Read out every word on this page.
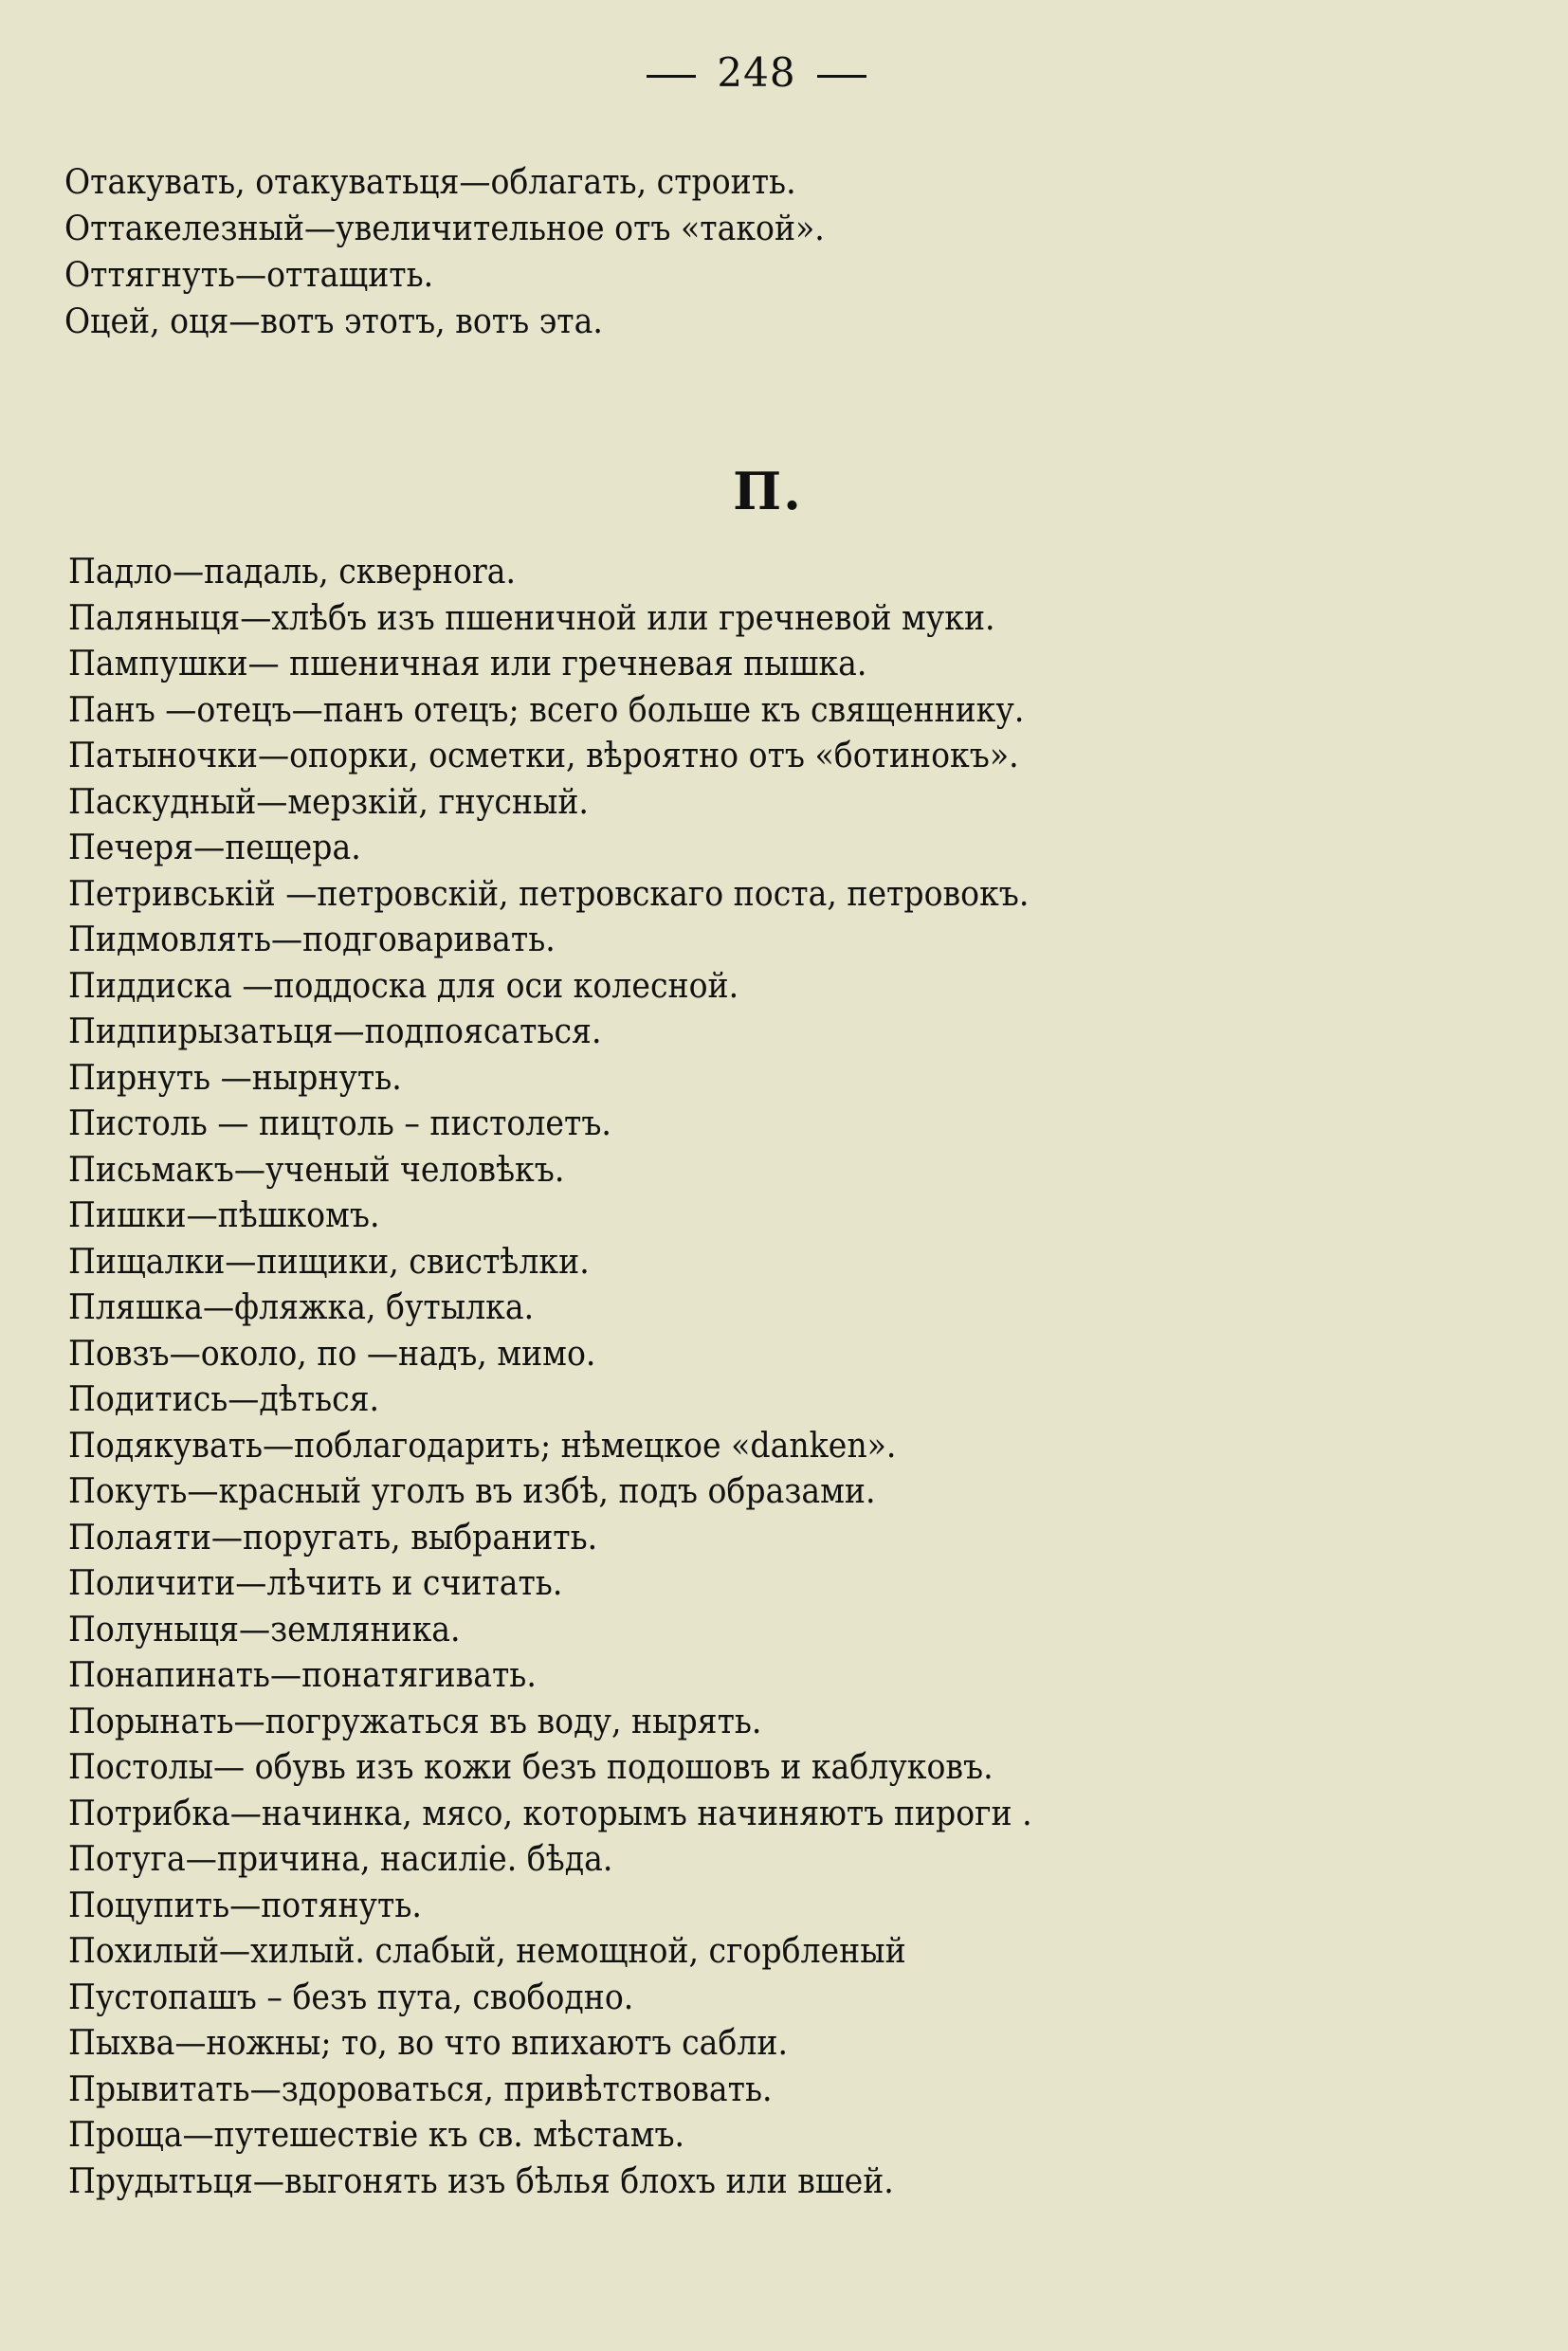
248
Отакувать, отакуватьця—облагать, строить.
Оттакелезный—увеличительное отъ «такой».
Оттягнуть—оттащить.
Оцей, оця—вотъ этотъ, вотъ эта.
П.
Падло—падаль, скверноrа.
Паляныця—хлѣбъ изъ пшеничной или гречневой муки.
Пампушки— пшеничная или гречневая пышка.
Панъ —отецъ—панъ отецъ; всего больше къ священнику.
Патыночки—опорки, осметки, вѣроятно отъ «ботинокъ».
Паскудный—мерзкій, гнусный.
Печеря—пещера.
Петривській —петровскій, петровскаго поста, петровокъ.
Пидмовлять—подговаривать.
Пиддиска —поддоска для оси колесной.
Пидпирызатьця—подпоясаться.
Пирнуть —нырнуть.
Пистоль — пицтоль – пистолетъ.
Письмакъ—ученый человѣкъ.
Пишки—пѣшкомъ.
Пищалки—пищики, свистѣлки.
Пляшка—фляжка, бутылка.
Повзъ—около, по —надъ, мимо.
Подитись—дѣться.
Подякувать—поблагодарить; нѣмецкое «danken».
Покуть—красный уголъ въ избѣ, подъ образами.
Полаяти—поругать, выбранить.
Поличити—лѣчить и считать.
Полуныця—земляника.
Понапинать—понатягивать.
Порынать—погружаться въ воду, нырять.
Постолы— обувь изъ кожи безъ подошовъ и каблуковъ.
Потрибка—начинка, мясо, которымъ начиняютъ пироги .
Потуга—причина, насиліе. бѣда.
Поцупить—потянуть.
Похилый—хилый. слабый, немощной, сгорбленый
Пустопашъ – безъ пута, свободно.
Пыхва—ножны; то, во что впихаютъ сабли.
Прывитать—здороваться, привѣтствовать.
Проща—путешествіе къ св. мѣстамъ.
Прудытьця—выгонять изъ бѣлья блохъ или вшей.
